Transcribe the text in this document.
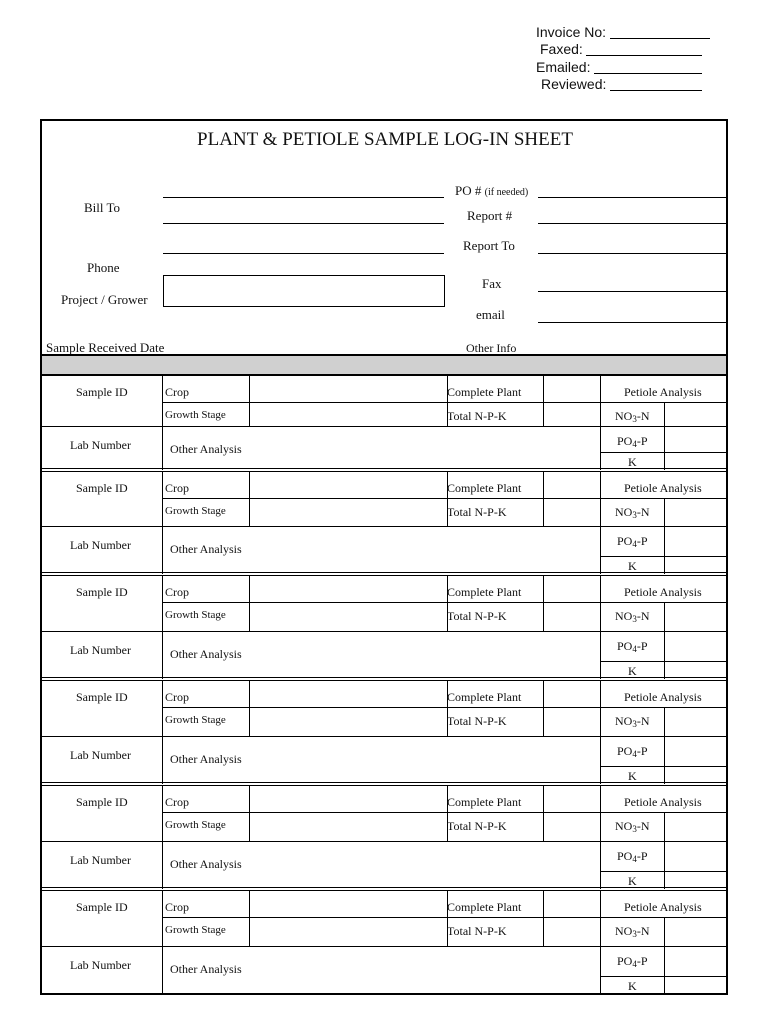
Invoice No:
Faxed:
Emailed:
Reviewed:
PLANT & PETIOLE SAMPLE LOG-IN SHEET
Bill To
Phone
Project / Grower
Sample Received Date
PO # (if needed)
Report #
Report To
Fax
email
Other Info
Sample ID
Lab Number
Crop
Growth Stage
Other Analysis
Complete Plant
Total N-P-K
Petiole Analysis
$NO_3-N$
$PO_4-P$
K
Sample ID
Lab Number
Crop
Growth Stage
Other Analysis
Complete Plant
Total N-P-K
Petiole Analysis
$NO_3-N$
$PO_4-P$
K
Sample ID
Lab Number
Crop
Growth Stage
Other Analysis
Complete Plant
Total N-P-K
Petiole Analysis
$NO_3-N$
$PO_4-P$
K
Sample ID
Lab Number
Crop
Growth Stage
Other Analysis
Complete Plant
Total N-P-K
Petiole Analysis
$NO_3-N$
$PO_4-P$
K
Sample ID
Lab Number
Crop
Growth Stage
Other Analysis
Complete Plant
Total N-P-K
Petiole Analysis
$NO_3-N$
$PO_4-P$
K
Sample ID
Lab Number
Crop
Growth Stage
Other Analysis
Complete Plant
Total N-P-K
Petiole Analysis
$NO_3-N$
$PO_4-P$
K
